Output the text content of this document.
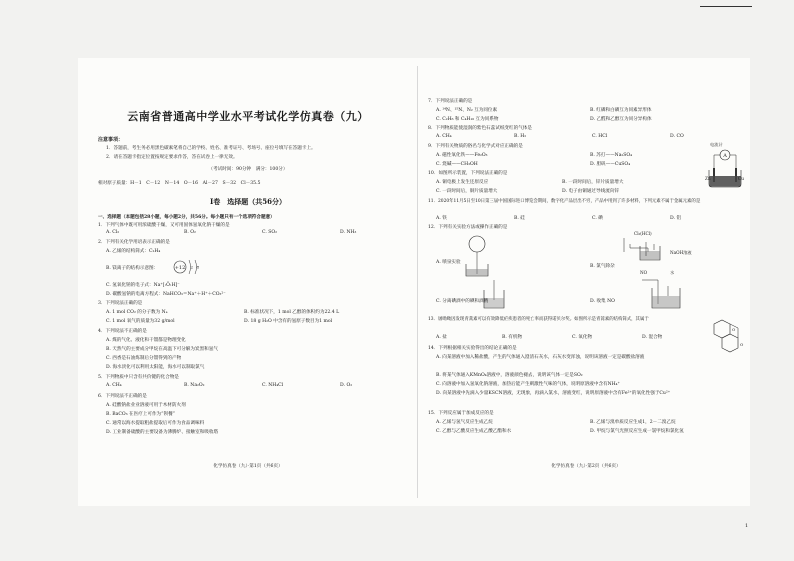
云南省普通高中学业水平考试化学仿真卷（九）
注意事项：
1．答题前，考生务必用黑色碳素笔将自己的学校、姓名、准考证号、考场号、座位号填写在答题卡上。
2．请在答题卡指定位置按规定要求作答，答在试卷上一律无效。
（考试时间：90分钟　满分：100分）
相对原子质量：H－1　C－12　N－14　O－16　Al－27　S－32　Cl－35.5
Ⅰ卷　选择题（共56分）
一、选择题（本题包括28小题，每小题2分，共56分。每小题只有一个选项符合题意）
1．下列气体中既可用浓硫酸干燥，又可用固体氢氧化钠干燥的是
A. Cl₂	B. O₂	C. SO₂	D. NH₃
2．下列有关化学用语表示正确的是
A. 乙烯的结构简式：C₂H₄
B. 镁离子的结构示意图：	+12 2 8
C. 氢氧化钠的电子式：Na⁺[:Ö:H]⁻
D. 碳酸氢钠的电离方程式：NaHCO₃＝Na⁺＋H⁺＋CO₃²⁻
3．下列说法正确的是
A. 1 mol CO₂ 的分子数为 Nₐ	B. 标准状况下，1 mol 乙醇的体积约为22.4 L
C. 1 mol 氧气的质量为32 g/mol	D. 18 g H₂O 中含有的氢原子数目为1 mol
4．下列说法不正确的是
A. 煤的气化、液化和干馏都是物理变化
B. 天然气的主要成分甲烷在高温下可分解为炭黑和氢气
C. 西香是石油炼制后分馏得到的产物
D. 海水淡化可以利用太阳能，海水可以制取氯气
5．下列物质中只含有共价键的化合物是
A. CH₄	B. Na₂O₂	C. NH₄Cl	D. O₂
6．下列说法不正确的是
A. 硅酸钠盐业业溶液可用于木材防火剂
B. BaCO₃ 在医疗上可作为“钡餐”
C. 通常以海水提取粗盐提取后可作为食品调味料
D. 工业制备硫酸的主要设备为沸腾炉、接触室和吸收塔
化学仿真卷（九）·第1页（共6页）
7．下列说法正确的是
A. ¹⁴N、¹⁵N、N₂ 互为同位素	B. 红磷和白磷互为同素异形体
C. C₂H₆ 和 C₄H₁₀ 互为同系物	D. 乙醛和乙醇互为同分异构体
8．下列物质能使湿润的紫色石蕊试纸变红的气体是
A. CH₄	B. H₂	C. HCl	D. CO
9．下列有关物质的俗名与化学式对应正确的是
A. 磁性氧化铁——Fe₂O₃	B. 苏打——Na₂SO₄
C. 烧碱——CH₃OH	D. 胆矾——CuSO₄
A
电流计
Zn	Cu
10．如图所示装置，下列说法正确的是
A. 铜电极上发生还原反应	B. 一段时间后，锌片质量增大
C. 一段时间后，铜片质量增大	D. 电子由铜通过导线流向锌
11．2020年11月5日至10日第三届中国国际进口博览会期间，数字化产品层出不穷，产品中用到了许多材料，下列元素不属于金属元素的是
A. 铁	B. 硅	C. 碘	D. 铝
12．下列有关实验方法或操作正确的是
A. 喷泉实验
Cl₂(HCl)
NaOH溶液
B. 氯气除杂
C. 分离碘酒中的碘和酒精
NO	水
D. 收集 NO
13．屠呦呦因发现青蒿素可以有效降低疟疾患者的死亡率而获得诺贝尔奖。如图所示是青蒿素的结构简式，其属于
A. 盐	B. 有机物	C. 氧化物	D. 混合物
O
O
14．下列根据相关实验得出的结论正确的是
A. 向某溶液中加入稀盐酸，产生的气体通入澄清石灰水，石灰水变浑浊，说明该溶液一定是碳酸盐溶液
B. 将某气体通入KMnO₄溶液中，溶液颜色褪去，说明该气体一定是SO₂
C. 向溶液中加入氢氧化钠溶液，加热后能产生刺激性气味的气体，说明原溶液中含有NH₄⁺
D. 向某溶液中先滴入少量KSCN溶液，无现象，再滴入氯水，溶液变红，说明原溶液中含有Fe²⁺的氧化性强于Cu²⁺
15．下列反应属于加成反应的是
A. 乙烯与氢气反应生成乙烷	B. 乙烯与溴单质反应生成1，2－二溴乙烷
C. 乙醇与乙酸反应生成乙酸乙酯和水	D. 甲烷与氯气光照反应生成一氯甲烷和氯化氢
化学仿真卷（九）·第2页（共6页）
1
